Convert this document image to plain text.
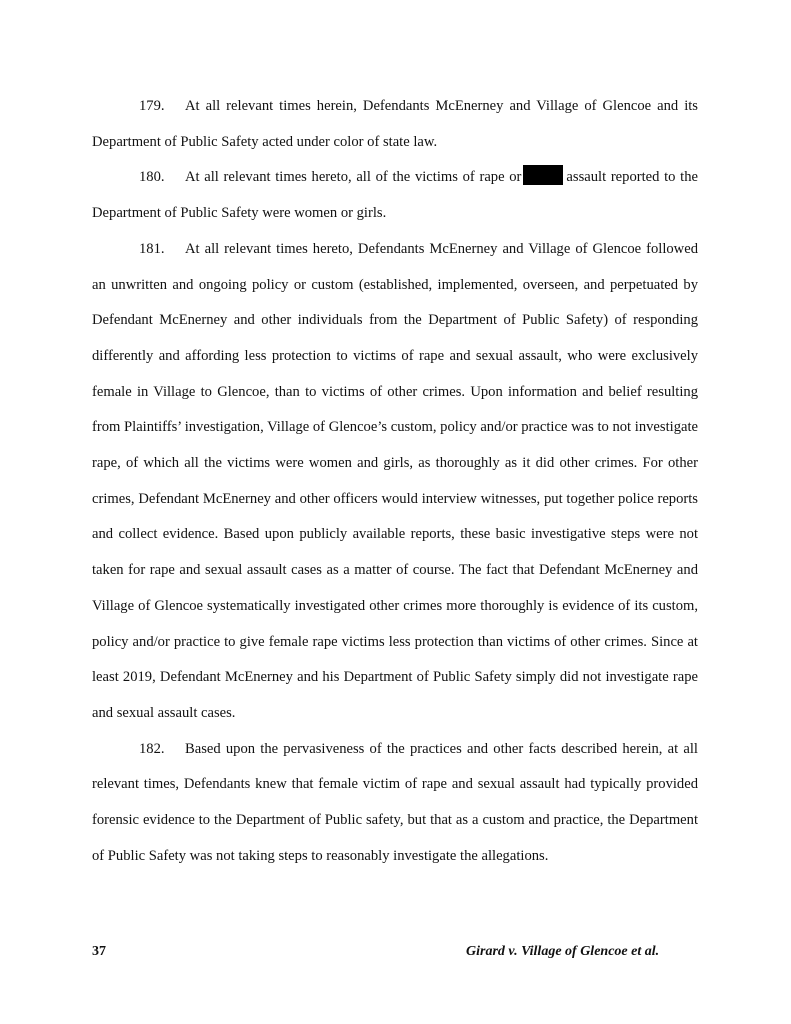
179. At all relevant times herein, Defendants McEnerney and Village of Glencoe and its Department of Public Safety acted under color of state law.

180. At all relevant times hereto, all of the victims of rape or	assault reported to the Department of Public Safety were women or girls.

181. At all relevant times hereto, Defendants McEnerney and Village of Glencoe followed an unwritten and ongoing policy or custom (established, implemented, overseen, and perpetuated by Defendant McEnerney and other individuals from the Department of Public Safety) of responding differently and affording less protection to victims of rape and sexual assault, who were exclusively female in Village to Glencoe, than to victims of other crimes. Upon information and belief resulting from Plaintiffs’ investigation, Village of Glencoe’s custom, policy and/or practice was to not investigate rape, of which all the victims were women and girls, as thoroughly as it did other crimes. For other crimes, Defendant McEnerney and other officers would interview witnesses, put together police reports and collect evidence. Based upon publicly available reports, these basic investigative steps were not taken for rape and sexual assault cases as a matter of course. The fact that Defendant McEnerney and Village of Glencoe systematically investigated other crimes more thoroughly is evidence of its custom, policy and/or practice to give female rape victims less protection than victims of other crimes. Since at least 2019, Defendant McEnerney and his Department of Public Safety simply did not investigate rape and sexual assault cases.

182. Based upon the pervasiveness of the practices and other facts described herein, at all relevant times, Defendants knew that female victim of rape and sexual assault had typically provided forensic evidence to the Department of Public safety, but that as a custom and practice, the Department of Public Safety was not taking steps to reasonably investigate the allegations.

37	Girard v. Village of Glencoe et al.
